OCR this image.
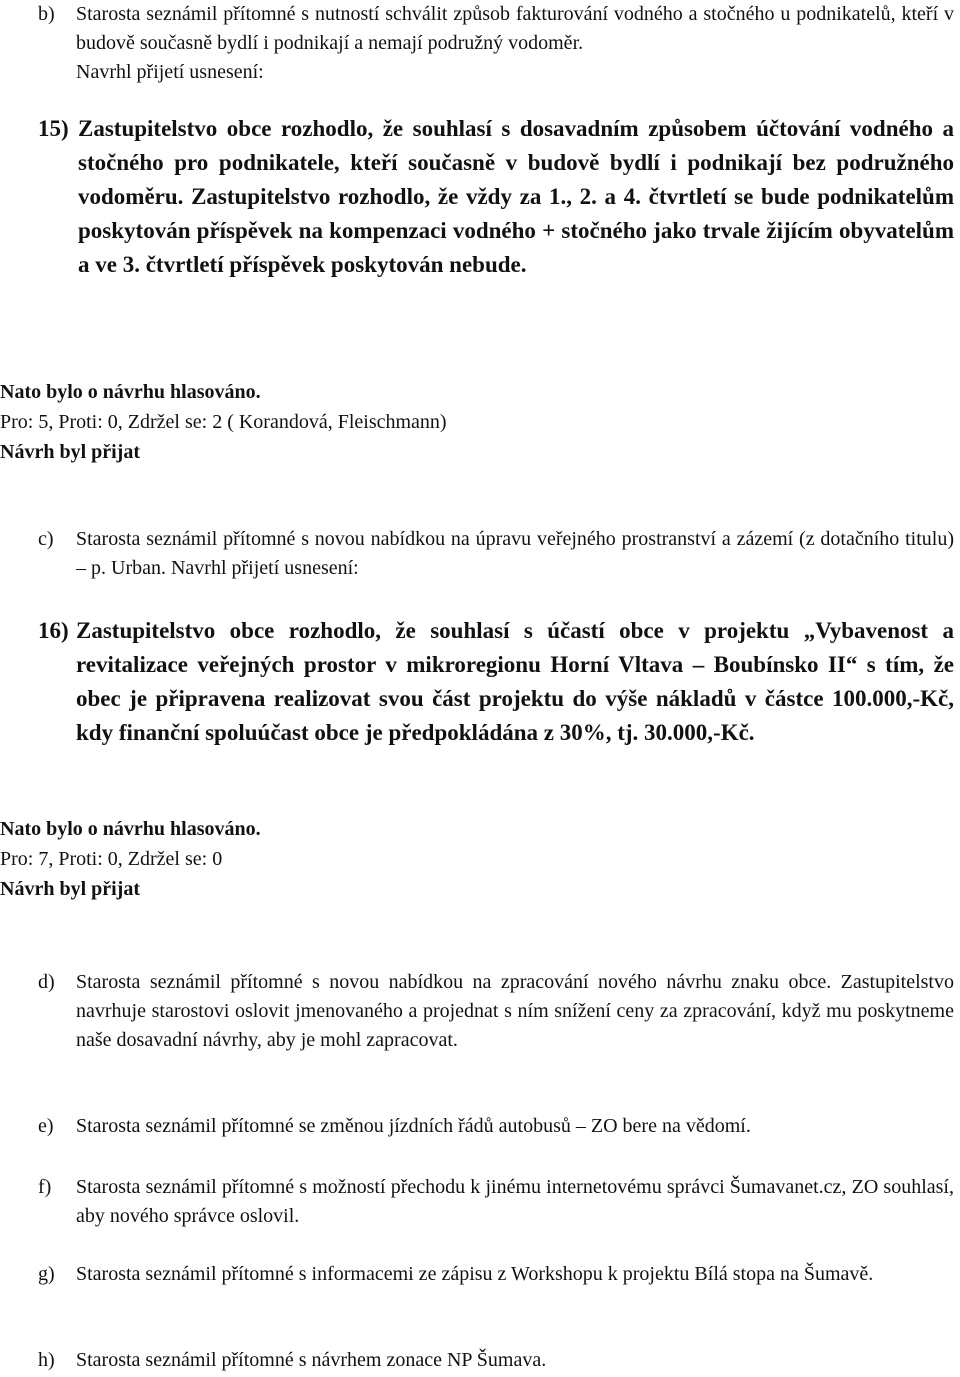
b)	Starosta seznámil přítomné s nutností schválit způsob fakturování vodného a stočného u podnikatelů, kteří v budově současně bydlí i podnikají a nemají podružný vodoměr.
Navrhl přijetí usnesení:
15) Zastupitelstvo obce rozhodlo, že souhlasí s dosavadním způsobem účtování vodného a stočného pro podnikatele, kteří současně v budově bydlí i podnikají bez podružného vodoměru. Zastupitelstvo rozhodlo, že vždy za 1., 2. a 4. čtvrtletí se bude podnikatelům poskytován příspěvek na kompenzaci vodného + stočného jako trvale žijícím obyvatelům a ve 3. čtvrtletí příspěvek poskytován nebude.
Nato bylo o návrhu hlasováno.
Pro: 5, Proti: 0, Zdržel se: 2 ( Korandová, Fleischmann)
Návrh byl přijat
c)	Starosta seznámil přítomné s novou nabídkou na úpravu veřejného prostranství a zázemí (z dotačního titulu) – p. Urban. Navrhl přijetí usnesení:
16) Zastupitelstvo obce rozhodlo, že souhlasí s účastí obce v projektu „Vybavenost a revitalizace veřejných prostor v mikroregionu Horní Vltava – Boubínsko II“ s tím, že obec je připravena realizovat svou část projektu do výše nákladů v částce 100.000,-Kč, kdy finanční spoluúčast obce je předpokládána z 30%, tj. 30.000,-Kč.
Nato bylo o návrhu hlasováno.
Pro: 7, Proti: 0, Zdržel se: 0
Návrh byl přijat
d)	Starosta seznámil přítomné s novou nabídkou na zpracování nového návrhu znaku obce. Zastupitelstvo navrhuje starostovi oslovit jmenovaného a projednat s ním snížení ceny za zpracování, když mu poskytneme naše dosavadní návrhy, aby je mohl zapracovat.
e)	Starosta seznámil přítomné se změnou jízdních řádů autobusů – ZO bere na vědomí.
f)	Starosta seznámil přítomné s možností přechodu k jinému internetovému správci Šumavanet.cz, ZO souhlasí, aby nového správce oslovil.
g)	Starosta seznámil přítomné s informacemi ze zápisu z Workshopu k projektu Bílá stopa na Šumavě.
h)	Starosta seznámil přítomné s návrhem zonace NP Šumava.
